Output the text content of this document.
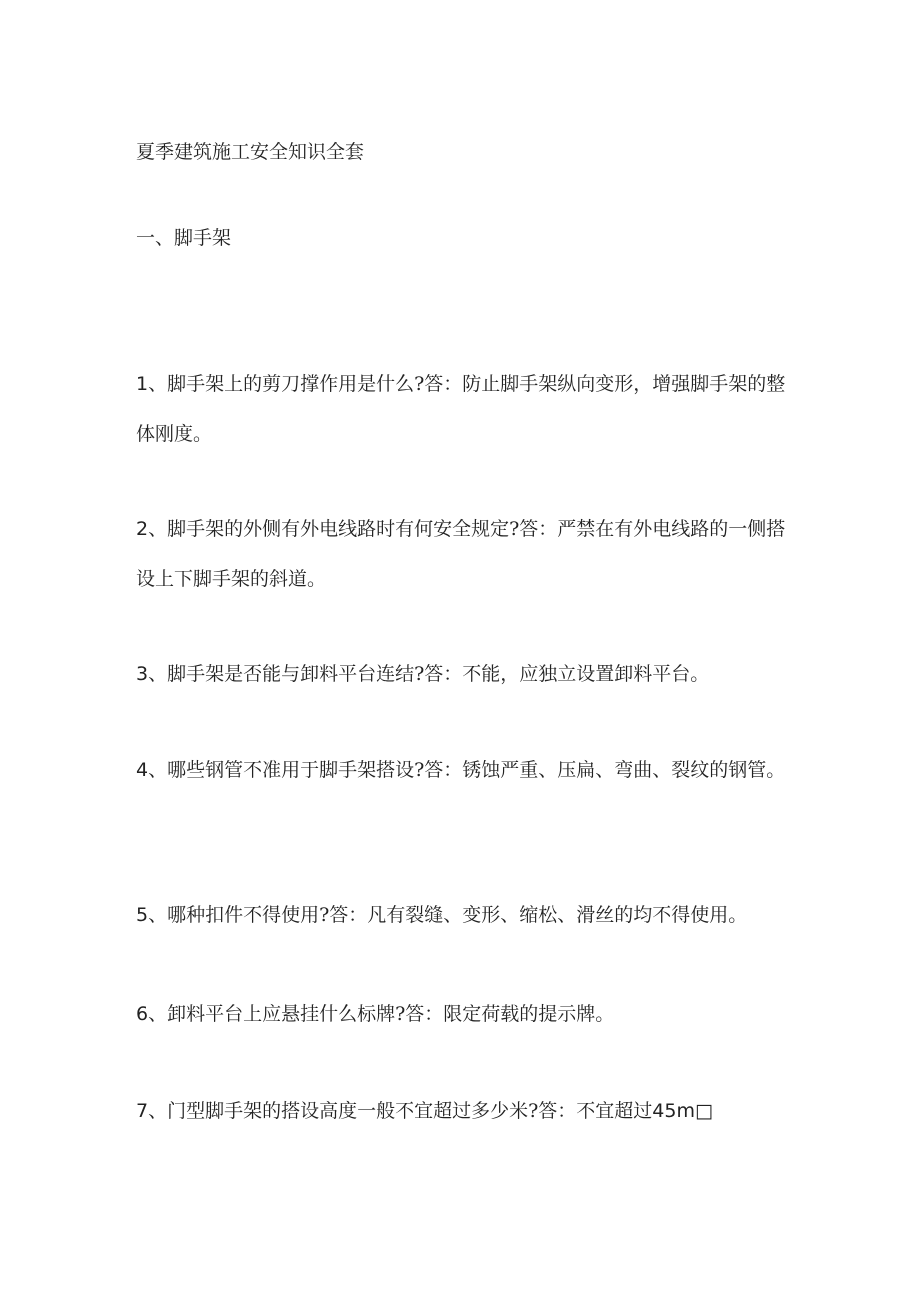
夏季建筑施工安全知识全套
一、脚手架
1、脚手架上的剪刀撑作用是什么?答：防止脚手架纵向变形，增强脚手架的整体刚度。
2、脚手架的外侧有外电线路时有何安全规定?答：严禁在有外电线路的一侧搭设上下脚手架的斜道。
3、脚手架是否能与卸料平台连结?答：不能，应独立设置卸料平台。
4、哪些钢管不准用于脚手架搭设?答：锈蚀严重、压扁、弯曲、裂纹的钢管。
5、哪种扣件不得使用?答：凡有裂缝、变形、缩松、滑丝的均不得使用。
6、卸料平台上应悬挂什么标牌?答：限定荷载的提示牌。
7、门型脚手架的搭设高度一般不宜超过多少米?答：不宜超过45m□
